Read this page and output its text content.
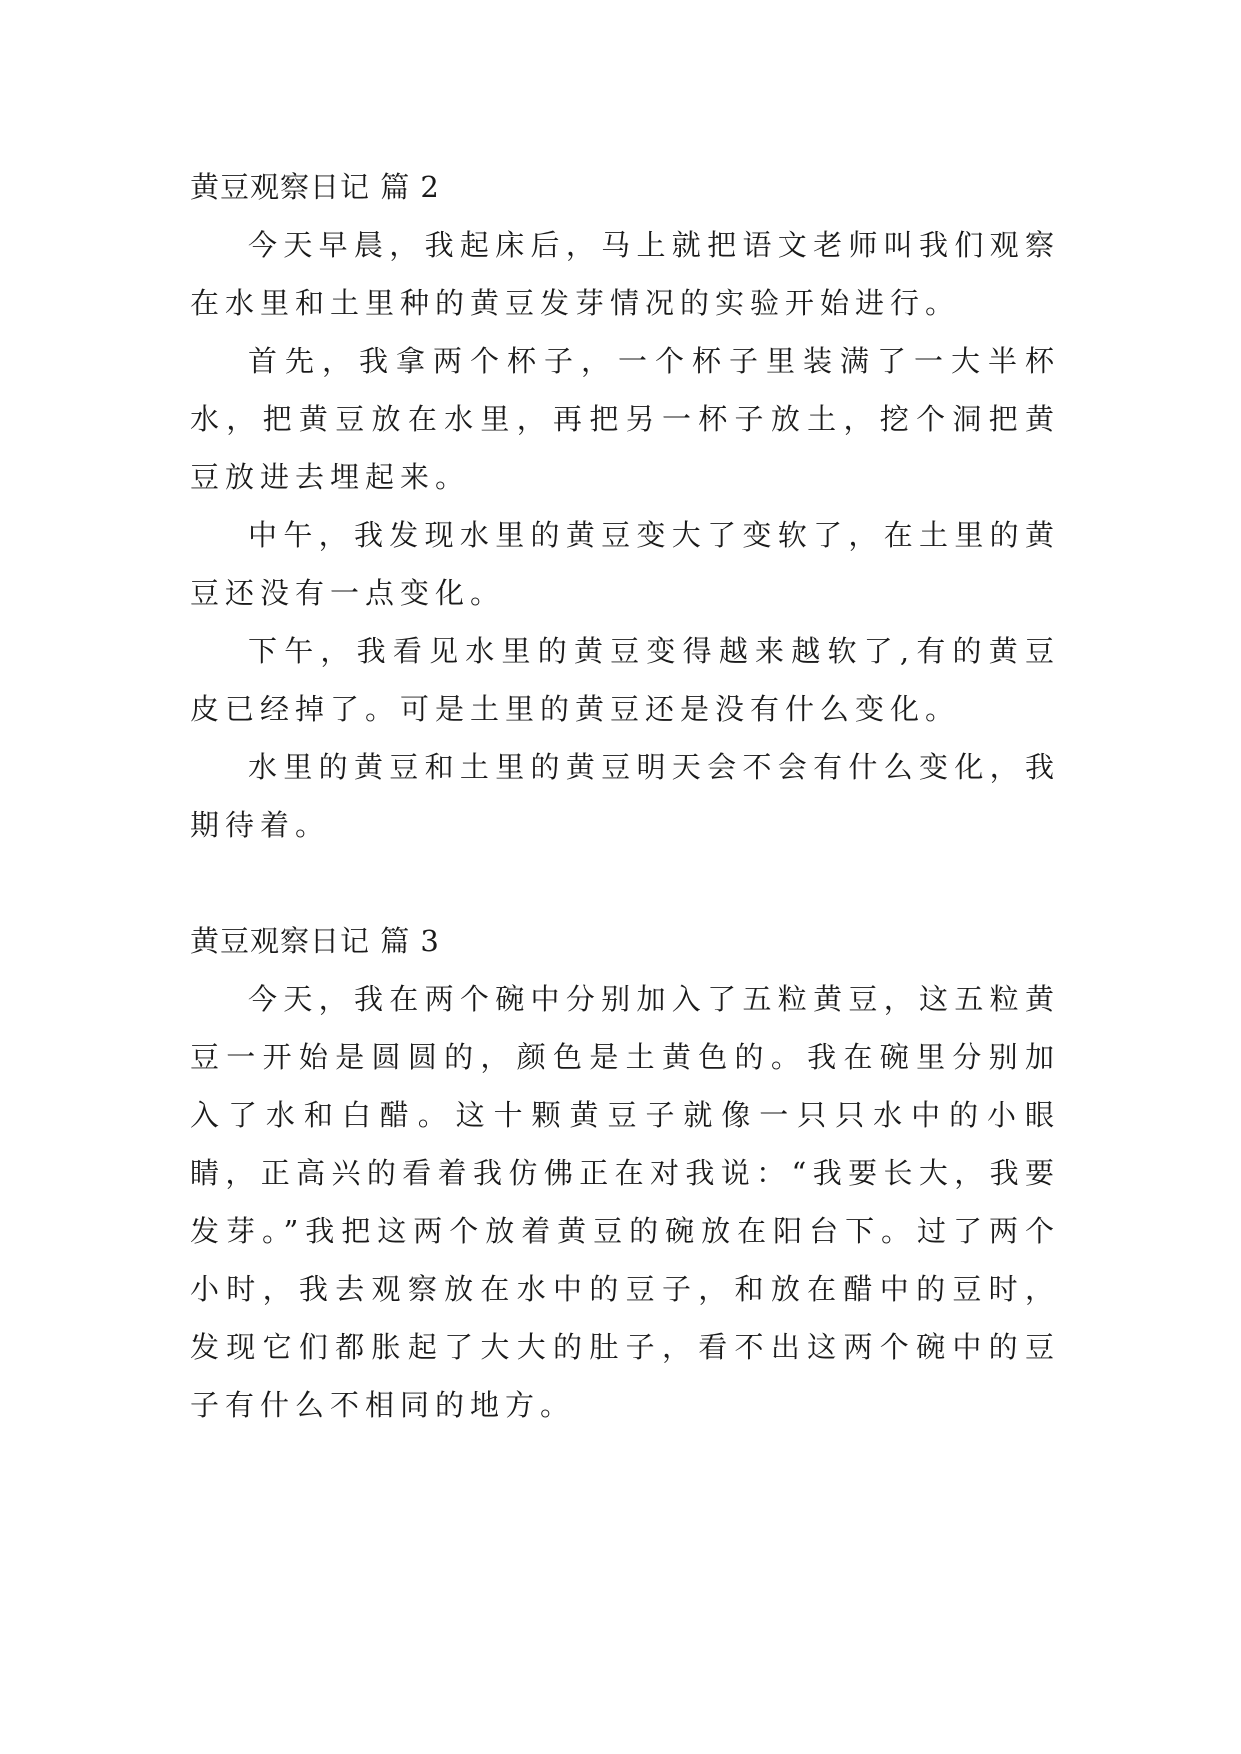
黄豆观察日记 篇 2

今天早晨，我起床后，马上就把语文老师叫我们观察在水里和土里种的黄豆发芽情况的实验开始进行。

首先，我拿两个杯子，一个杯子里装满了一大半杯水，把黄豆放在水里，再把另一杯子放土，挖个洞把黄豆放进去埋起来。

中午，我发现水里的黄豆变大了变软了，在土里的黄豆还没有一点变化。

下午，我看见水里的黄豆变得越来越软了,有的黄豆皮已经掉了。可是土里的黄豆还是没有什么变化。

水里的黄豆和土里的黄豆明天会不会有什么变化，我期待着。

黄豆观察日记 篇 3

今天，我在两个碗中分别加入了五粒黄豆，这五粒黄豆一开始是圆圆的，颜色是土黄色的。我在碗里分别加入了水和白醋。这十颗黄豆子就像一只只水中的小眼睛，正高兴的看着我仿佛正在对我说：“我要长大，我要发芽。”我把这两个放着黄豆的碗放在阳台下。过了两个小时，我去观察放在水中的豆子，和放在醋中的豆时，发现它们都胀起了大大的肚子，看不出这两个碗中的豆子有什么不相同的地方。
